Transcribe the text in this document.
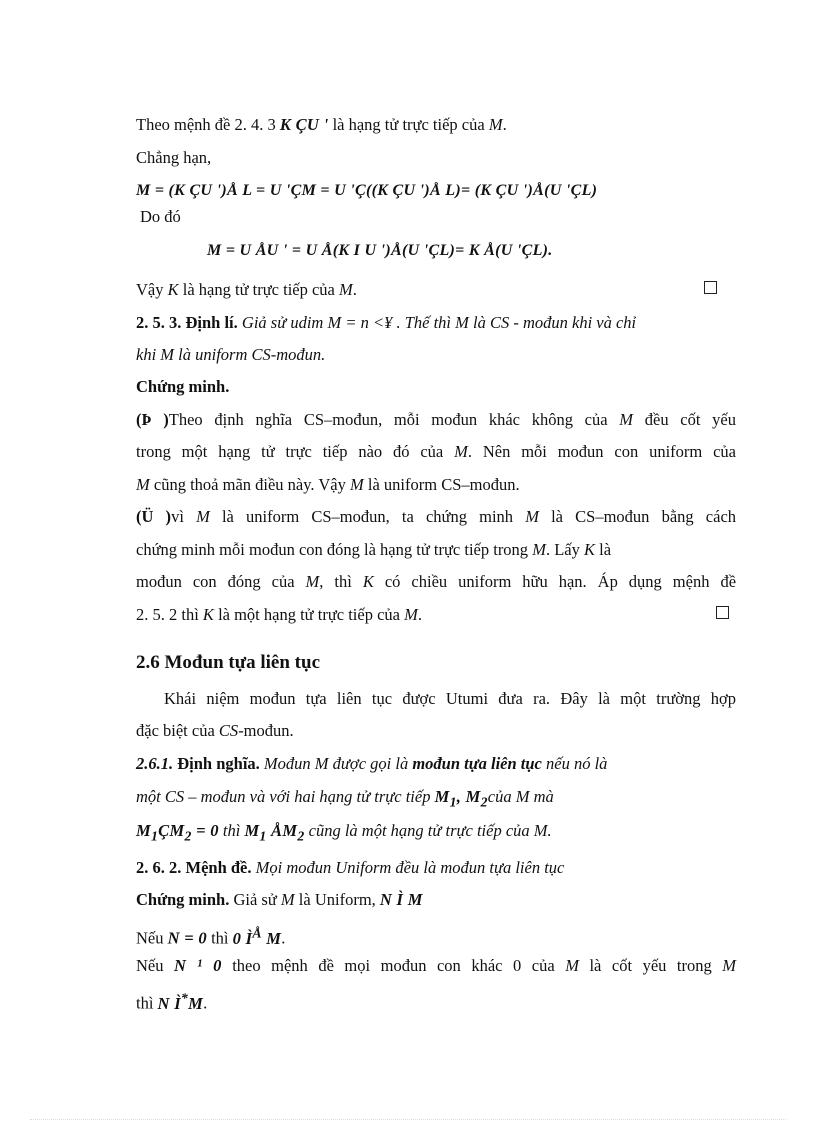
Theo mệnh đề 2. 4. 3 K ÇU ' là hạng tử trực tiếp của M.
Chẳng hạn,
M = (K ÇU ')Å L = U 'ÇM = U 'Ç((K ÇU ')Å L)= (K ÇU ')Å(U 'ÇL)
Do đó
M = U ÅU ' = U Å(K I U ')Å(U 'ÇL)= K Å(U 'ÇL).
Vậy K là hạng tử trực tiếp của M.
2. 5. 3. Định lí. Giả sử udim M = n <¥ . Thế thì M là CS - mođun khi và chỉ
khi M là uniform CS-mođun.
Chứng minh.
(Þ )Theo định nghĩa CS–mođun, mỗi mođun khác không của M đều cốt yếu
trong một hạng tử trực tiếp nào đó của M. Nên mỗi mođun con uniform của
M cũng thoả mãn điều này. Vậy M là uniform CS–mođun.
(Ü )vì M là uniform CS–mođun, ta chứng minh M là CS–mođun bằng cách
chứng minh mỗi mođun con đóng là hạng tử trực tiếp trong M. Lấy K là
mođun con đóng của M, thì K có chiều uniform hữu hạn. Áp dụng mệnh đề
2. 5. 2 thì K là một hạng tử trực tiếp của M.
2.6 Mođun tựa liên tục
Khái niệm mođun tựa liên tục được Utumi đưa ra. Đây là một trường hợp
đặc biệt của CS-mođun.
2.6.1. Định nghĩa. Mođun M được gọi là mođun tựa liên tục nếu nó là
một CS – mođun và với hai hạng tử trực tiếp $M_1$, $M_2của$ M mà
$M_1ÇM_2 = 0$ thì $M_1$ $ÅM_2$ cũng là một hạng tử trực tiếp của M.
2. 6. 2. Mệnh đề. Mọi mođun Uniform đều là mođun tựa liên tục
Chứng minh. Giả sử M là Uniform, N Ì M
Nếu N = 0 thì 0 $Ì^Å$ M.
Nếu N ¹ 0 theo mệnh đề mọi mođun con khác 0 của M là cốt yếu trong M
thì N Ì*M.
